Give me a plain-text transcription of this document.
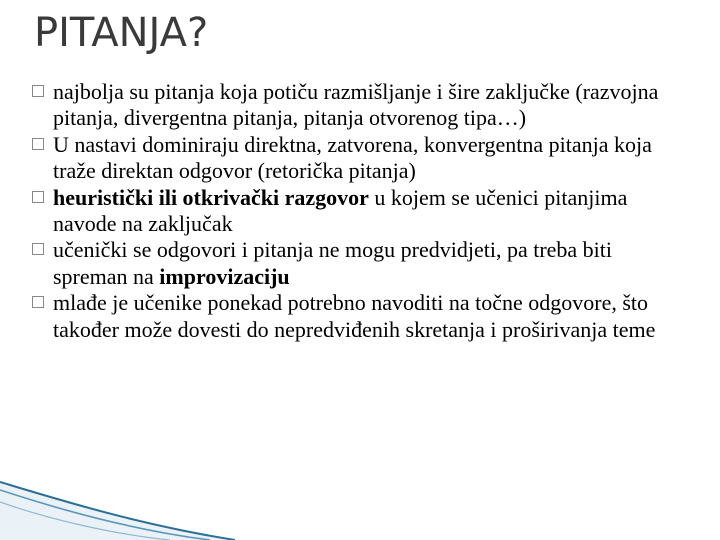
PITANJA?
najbolja su pitanja koja potiču razmišljanje i šire zaključke (razvojna pitanja, divergentna pitanja, pitanja otvorenog tipa…)
U nastavi dominiraju direktna, zatvorena, konvergentna pitanja koja traže direktan odgovor (retorička pitanja)
heuristički ili otkrivački razgovor u kojem se učenici pitanjima navode na zaključak
učenički se odgovori i pitanja ne mogu predvidjeti, pa treba biti spreman na improvizaciju
mlađe je učenike ponekad potrebno navoditi na točne odgovore, što također može dovesti do nepredviđenih skretanja i proširivanja teme
